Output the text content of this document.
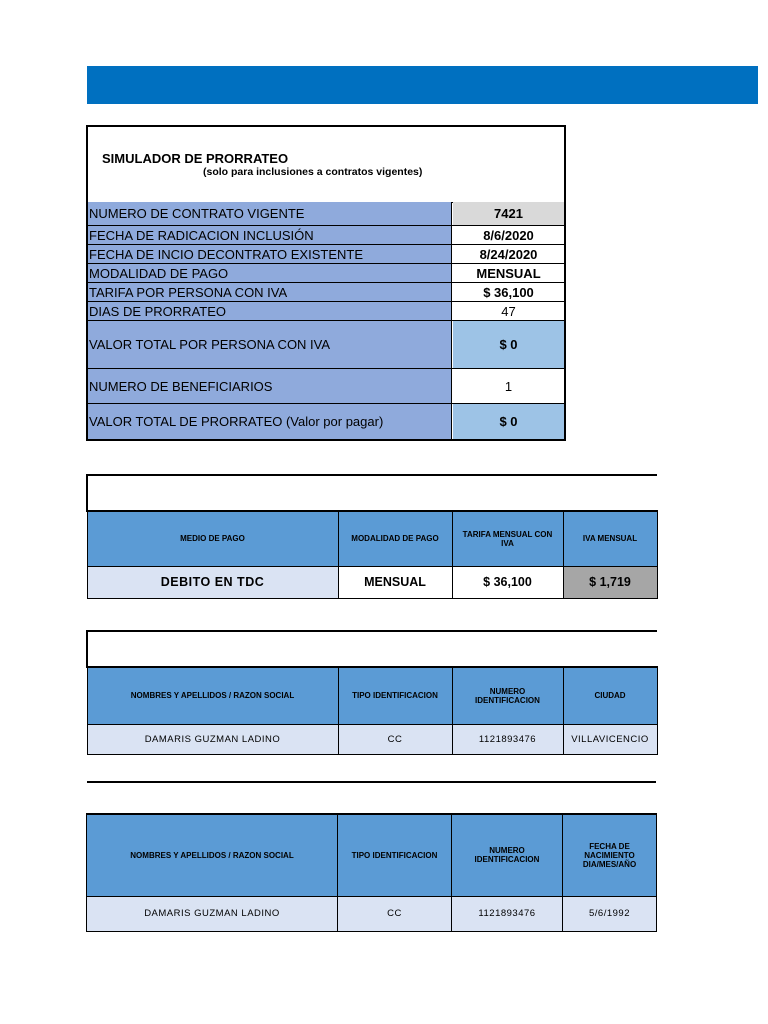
SIMULADOR DE PRORRATEO
(solo para inclusiones a contratos vigentes)
NUMERO DE CONTRATO VIGENTE	7421
FECHA DE RADICACION INCLUSIÓN	8/6/2020
FECHA DE INCIO DECONTRATO EXISTENTE	8/24/2020
MODALIDAD DE PAGO	MENSUAL
TARIFA POR PERSONA CON IVA	$ 36,100
DIAS DE PRORRATEO	47
VALOR TOTAL POR PERSONA CON IVA	$ 0
NUMERO DE BENEFICIARIOS	1
VALOR TOTAL DE PRORRATEO (Valor por pagar)	$ 0

MEDIO DE PAGO	MODALIDAD DE PAGO	TARIFA MENSUAL CON IVA	IVA MENSUAL
DEBITO EN TDC	MENSUAL	$ 36,100	$ 1,719

NOMBRES Y APELLIDOS / RAZON SOCIAL	TIPO IDENTIFICACION	NUMERO IDENTIFICACION	CIUDAD
DAMARIS GUZMAN LADINO	CC	1121893476	VILLAVICENCIO
NOMBRES Y APELLIDOS / RAZON SOCIAL	TIPO IDENTIFICACION	NUMERO IDENTIFICACION	FECHA DE NACIMIENTO DIA/MES/AÑO
DAMARIS GUZMAN LADINO	CC	1121893476	5/6/1992
